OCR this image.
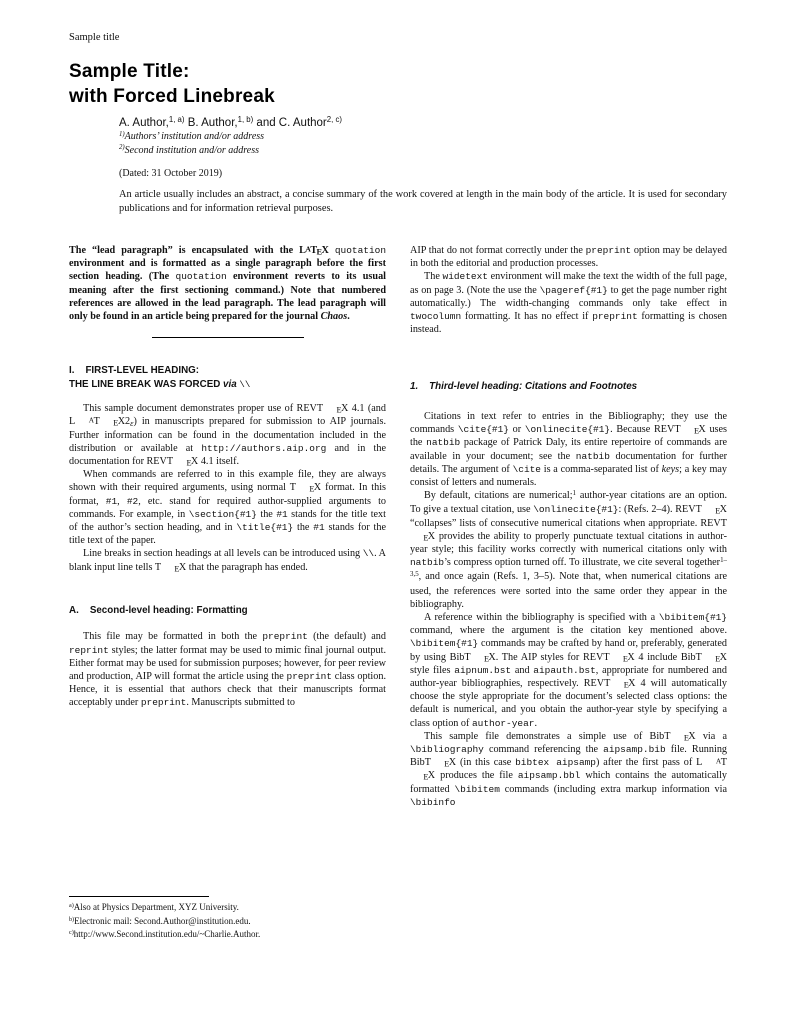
Sample title
Sample Title:
with Forced Linebreak
A. Author,$^{1, a)}$ B. Author,$^{1, b)}$ and C. Author$^{2, c)}$
$^{1)}$Authors’ institution and/or address
$^{2)}$Second institution and/or address
(Dated: 31 October 2019)

An article usually includes an abstract, a concise summary of the work covered at length in the main body of the article. It is used for secondary publications and for information retrieval purposes.

The “lead paragraph” is encapsulated with the LATEX quotation environment and is formatted as a single paragraph before the first section heading. (The quotation environment reverts to its usual meaning after the first sectioning command.) Note that numbered references are allowed in the lead paragraph. The lead paragraph will only be found in an article being prepared for the journal Chaos.

I. FIRST-LEVEL HEADING:
THE LINE BREAK WAS FORCED via \\

This sample document demonstrates proper use of REVT EX 4.1 (and L AT EX2ε) in manuscripts prepared for submission to AIP journals. Further information can be found in the documentation included in the distribution or available at http://authors.aip.org and in the documentation for REVT EX 4.1 itself.

When commands are referred to in this example file, they are always shown with their required arguments, using normal T EX format. In this format, #1, #2, etc. stand for required author-supplied arguments to commands. For example, in \section{#1} the #1 stands for the title text of the author’s section heading, and in \title{#1} the #1 stands for the title text of the paper.

Line breaks in section headings at all levels can be introduced using \\. A blank input line tells T EX that the paragraph has ended.

A. Second-level heading: Formatting

This file may be formatted in both the preprint (the default) and reprint styles; the latter format may be used to mimic final journal output. Either format may be used for submission purposes; however, for peer review and production, AIP will format the article using the preprint class option. Hence, it is essential that authors check that their manuscripts format acceptably under preprint. Manuscripts submitted to

AIP that do not format correctly under the preprint option may be delayed in both the editorial and production processes.

The widetext environment will make the text the width of the full page, as on page 3. (Note the use the \pageref{#1} to get the page number right automatically.) The width-changing commands only take effect in twocolumn formatting. It has no effect if preprint formatting is chosen instead.

1. Third-level heading: Citations and Footnotes

Citations in text refer to entries in the Bibliography; they use the commands \cite{#1} or \onlinecite{#1}. Because REVT EX uses the natbib package of Patrick Daly, its entire repertoire of commands are available in your document; see the natbib documentation for further details. The argument of \cite is a comma-separated list of keys; a key may consist of letters and numerals.

By default, citations are numerical;$^1$ author-year citations are an option. To give a textual citation, use \onlinecite{#1}: (Refs. 2–4). REVT EX “collapses” lists of consecutive numerical citations when appropriate. REVTEX provides the ability to properly punctuate textual citations in author-year style; this facility works correctly with numerical citations only with natbib’s compress option turned off. To illustrate, we cite several together$^{1-3,5}$, and once again (Refs. 1, 3–5). Note that, when numerical citations are used, the references were sorted into the same order they appear in the bibliography.

A reference within the bibliography is specified with a \bibitem{#1} command, where the argument is the citation key mentioned above. \bibitem{#1} commands may be crafted by hand or, preferably, generated by using BibT EX. The AIP styles for REVT EX 4 include BibT EX style files aipnum.bst and aipauth.bst, appropriate for numbered and author-year bibliographies, respectively. REVT EX 4 will automatically choose the style appropriate for the document’s selected class options: the default is numerical, and you obtain the author-year style by specifying a class option of author-year.

This sample file demonstrates a simple use of BibT EX via a \bibliography command referencing the aipsamp.bib file. Running BibT EX (in this case bibtex aipsamp) after the first pass of L ATEX produces the file aipsamp.bbl which contains the automatically formatted \bibitem commands (including extra markup information via \bibinfo

$^{a)}$Also at Physics Department, XYZ University.
$^{b)}$Electronic mail: Second.Author@institution.edu.
$^{c)}$http://www.Second.institution.edu/~Charlie.Author.
